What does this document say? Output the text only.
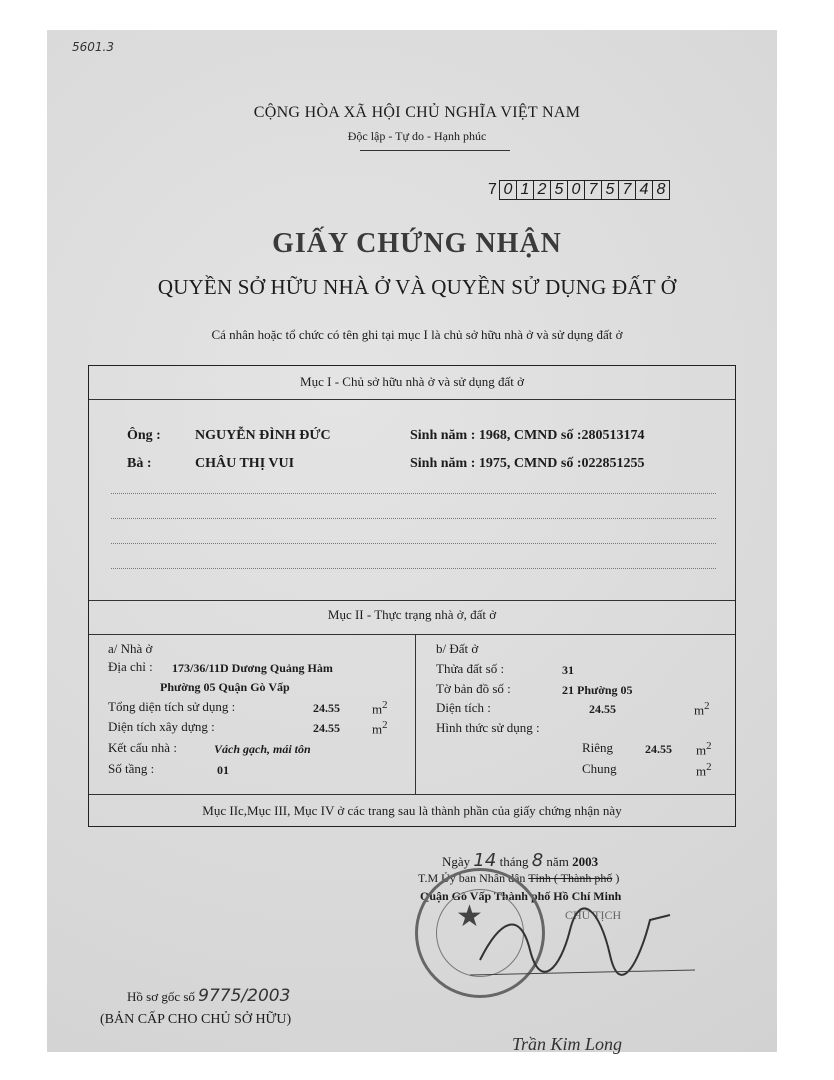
5601.3
CỘNG HÒA XÃ HỘI CHỦ NGHĨA VIỆT NAM
Độc lập - Tự do - Hạnh phúc
7 0 1 2 5 0 7 5 7 4 8
GIẤY CHỨNG NHẬN
QUYỀN SỞ HỮU NHÀ Ở VÀ QUYỀN SỬ DỤNG ĐẤT Ở
Cá nhân hoặc tổ chức có tên ghi tại mục I là chủ sở hữu nhà ở và sử dụng đất ở
Mục I - Chủ sở hữu nhà ở và sử dụng đất ở
Ông : NGUYỄN ĐÌNH ĐỨC	Sinh năm : 1968, CMND số :280513174
Bà :	CHÂU THỊ VUI	Sinh năm : 1975, CMND số :022851255
Mục II - Thực trạng nhà ở, đất ở
a/ Nhà ở
Địa chỉ : 173/36/11D Dương Quảng Hàm
Phường 05 Quận Gò Vấp
Tổng diện tích sử dụng :	24.55 $m^2$
Diện tích xây dựng :	24.55 $m^2$
Kết cấu nhà :	Vách gạch, mái tôn
Số tầng :	01
b/ Đất ở
Thửa đất số :	31
Tờ bản đồ số :	21 Phường 05
Diện tích :	24.55	$m^2$
Hình thức sử dụng :
Riêng	24.55 $m^2$
Chung	$m^2$
Mục IIc,Mục III, Mục IV ở các trang sau là thành phần của giấy chứng nhận này
Ngày 14 tháng 8 năm 2003
T.M Ủy ban Nhân dân Tỉnh ( Thành phố )
Quận Gò Vấp Thành phố Hồ Chí Minh
CHỦ TỊCH
★
Trần Kim Long
Hồ sơ gốc số 9775/2003
(BẢN CẤP CHO CHỦ SỞ HỮU)
